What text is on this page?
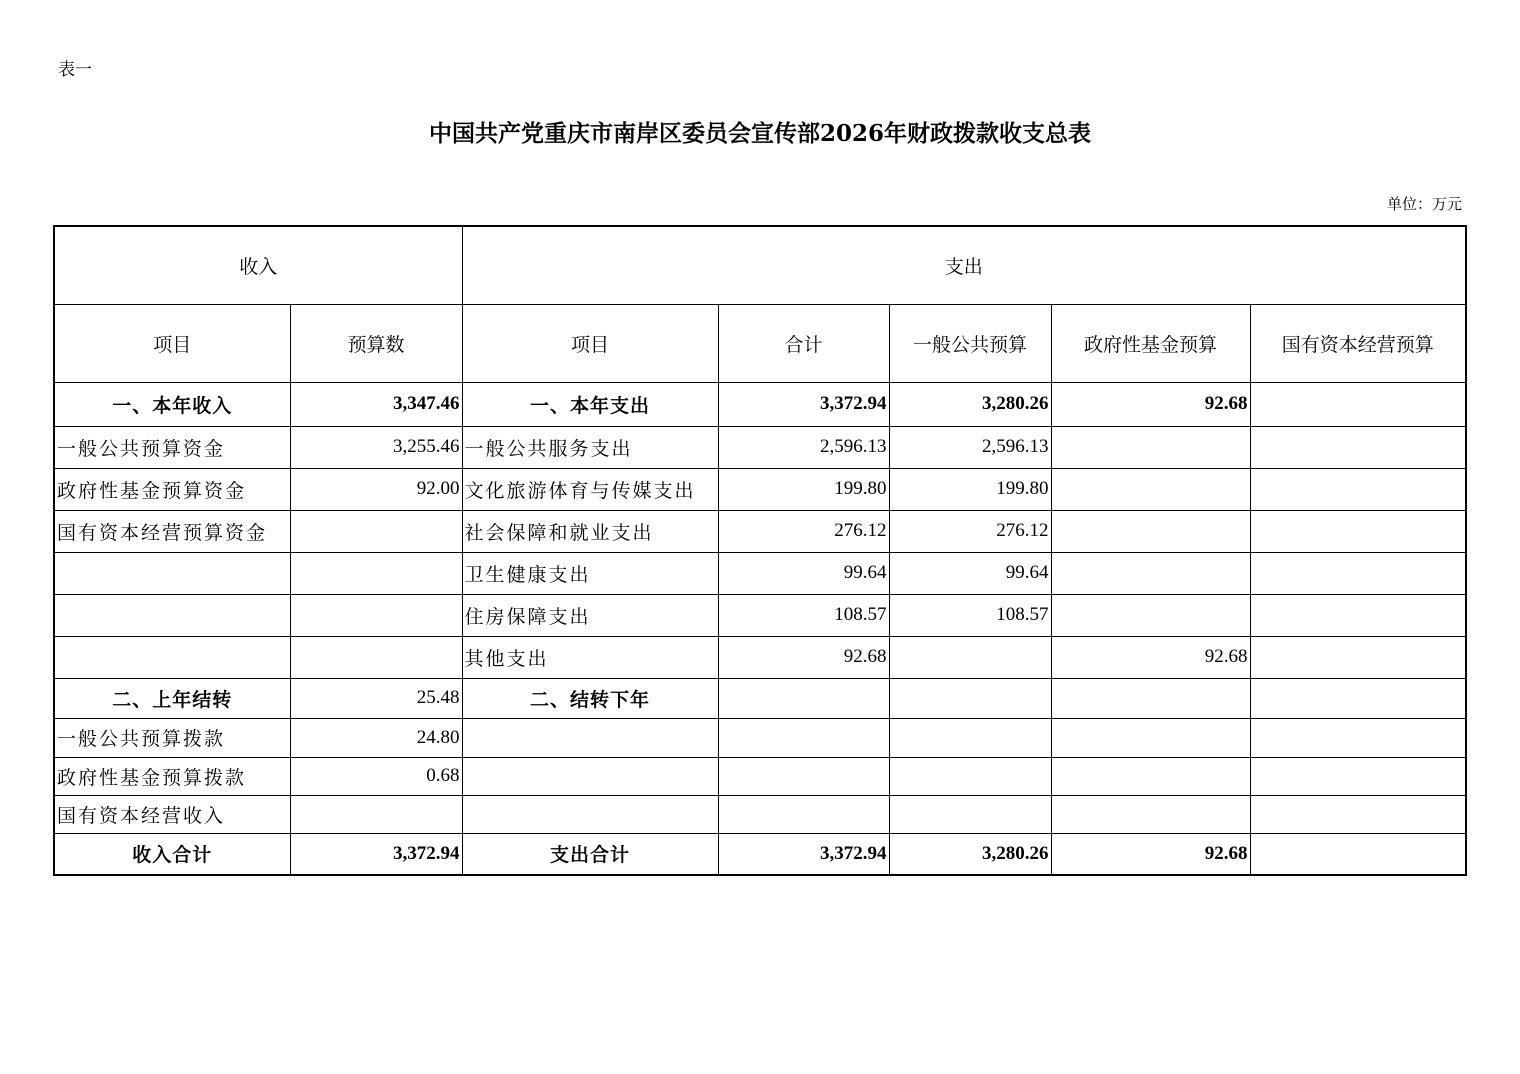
表一
中国共产党重庆市南岸区委员会宣传部2026年财政拨款收支总表
单位：万元
收入		支出				
项目	预算数	项目	合计	一般公共预算	政府性基金预算	国有资本经营预算
一、本年收入	3,347.46	一、本年支出	3,372.94	3,280.26	92.68	
一般公共预算资金	3,255.46	一般公共服务支出	2,596.13	2,596.13		
政府性基金预算资金	92.00	文化旅游体育与传媒支出	199.80	199.80		
国有资本经营预算资金		社会保障和就业支出	276.12	276.12		
		卫生健康支出	99.64	99.64		
		住房保障支出	108.57	108.57		
		其他支出	92.68		92.68	
二、上年结转	25.48	二、结转下年				
一般公共预算拨款	24.80					
政府性基金预算拨款	0.68					
国有资本经营收入						
收入合计	3,372.94	支出合计	3,372.94	3,280.26	92.68	
